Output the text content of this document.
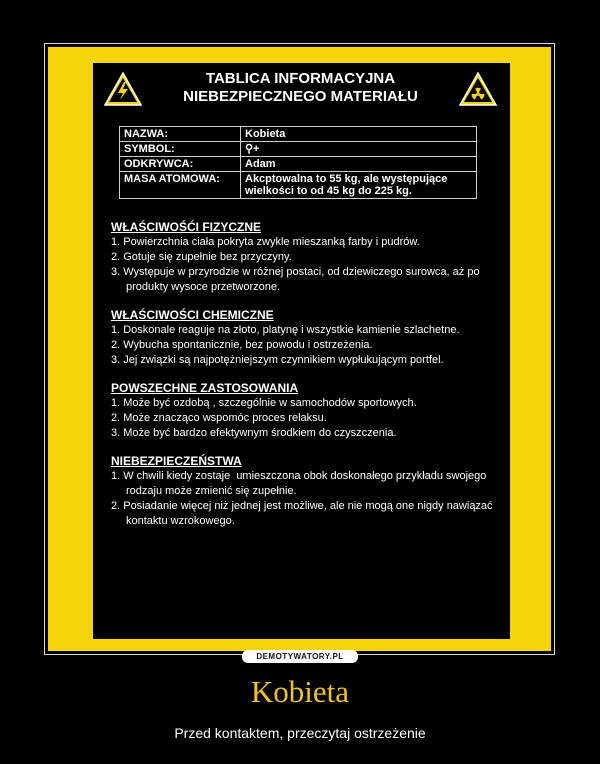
TABLICA INFORMACYJNA
NIEBEZPIECZNEGO MATERIAŁU
NAZWA:	Kobieta
SYMBOL:	⚲+
ODKRYWCA:	Adam
MASA ATOMOWA:	Akcptowalna to 55 kg, ale występujące
wielkości to od 45 kg do 225 kg.
WŁAŚCIWOŚĆI FIZYCZNE
1. Powierzchnia ciała pokryta zwykle mieszanką farby i pudrów.
2. Gotuje się zupełnie bez przyczyny.
3. Występuje w przyrodzie w różnej postaci, od dziewiczego surowca, aż po produkty wysoce przetworzone.
WŁAŚCIWOŚCI CHEMICZNE
1. Doskonale reaguje na złoto, platynę i wszystkie kamienie szlachetne.
2. Wybucha spontanicznie, bez powodu i ostrzeżenia.
3. Jej związki są najpotężniejszym czynnikiem wypłukującym portfel.
POWSZECHNE ZASTOSOWANIA
1. Może być ozdobą , szczególnie w samochodów sportowych.
2. Może znacząco wspomóc proces relaksu.
3. Może być bardzo efektywnym środkiem do czyszczenia.
NIEBEZPIECZEŃSTWA
1. W chwili kiedy zostaje  umieszczona obok doskonałego przykładu swojego rodzaju może zmienić się zupełnie.
2. Posiadanie więcej niż jednej jest możliwe, ale nie mogą one nigdy nawiązać kontaktu wzrokowego.
DEMOTYWATORY.PL
Kobieta
Przed kontaktem, przeczytaj ostrzeżenie
